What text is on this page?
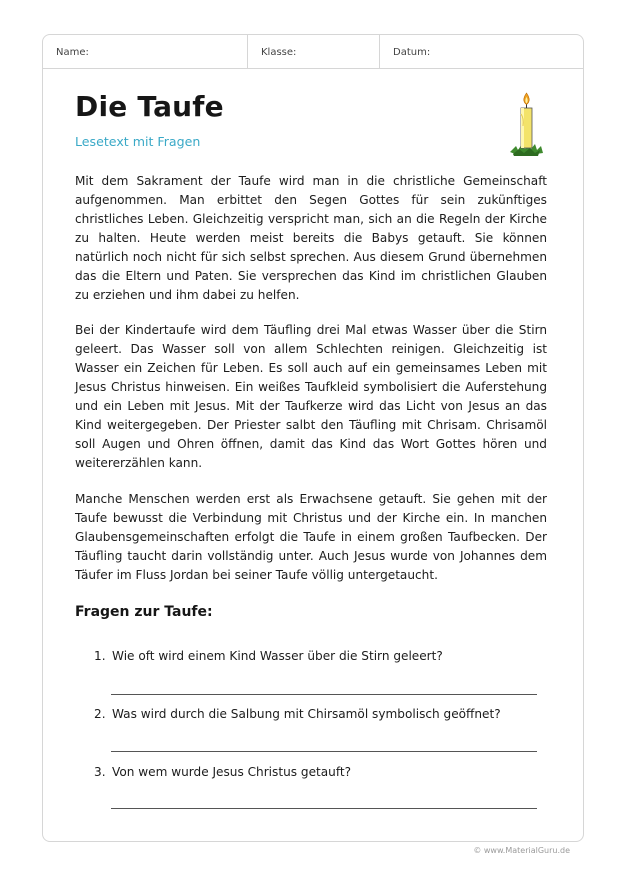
Name:	Klasse:	Datum:
Die Taufe

Lesetext mit Fragen

Mit dem Sakrament der Taufe wird man in die christliche Gemeinschaft aufgenommen. Man erbittet den Segen Gottes für sein zukünftiges christliches Leben. Gleichzeitig verspricht man, sich an die Regeln der Kirche zu halten. Heute werden meist bereits die Babys getauft. Sie können natürlich noch nicht für sich selbst sprechen. Aus diesem Grund übernehmen das die Eltern und Paten. Sie versprechen das Kind im christlichen Glauben zu erziehen und ihm dabei zu helfen.

Bei der Kindertaufe wird dem Täufling drei Mal etwas Wasser über die Stirn geleert. Das Wasser soll von allem Schlechten reinigen. Gleichzeitig ist Wasser ein Zeichen für Leben. Es soll auch auf ein gemeinsames Leben mit Jesus Christus hinweisen. Ein weißes Taufkleid symbolisiert die Auferstehung und ein Leben mit Jesus. Mit der Taufkerze wird das Licht von Jesus an das Kind weitergegeben. Der Priester salbt den Täufling mit Chrisam. Chrisamöl soll Augen und Ohren öffnen, damit das Kind das Wort Gottes hören und weitererzählen kann.

Manche Menschen werden erst als Erwachsene getauft. Sie gehen mit der Taufe bewusst die Verbindung mit Christus und der Kirche ein. In manchen Glaubensgemeinschaften erfolgt die Taufe in einem großen Taufbecken. Der Täufling taucht darin vollständig unter. Auch Jesus wurde von Johannes dem Täufer im Fluss Jordan bei seiner Taufe völlig untergetaucht.

Fragen zur Taufe:

1. Wie oft wird einem Kind Wasser über die Stirn geleert?

2. Was wird durch die Salbung mit Chirsamöl symbolisch geöffnet?

3. Von wem wurde Jesus Christus getauft?

© www.MaterialGuru.de
